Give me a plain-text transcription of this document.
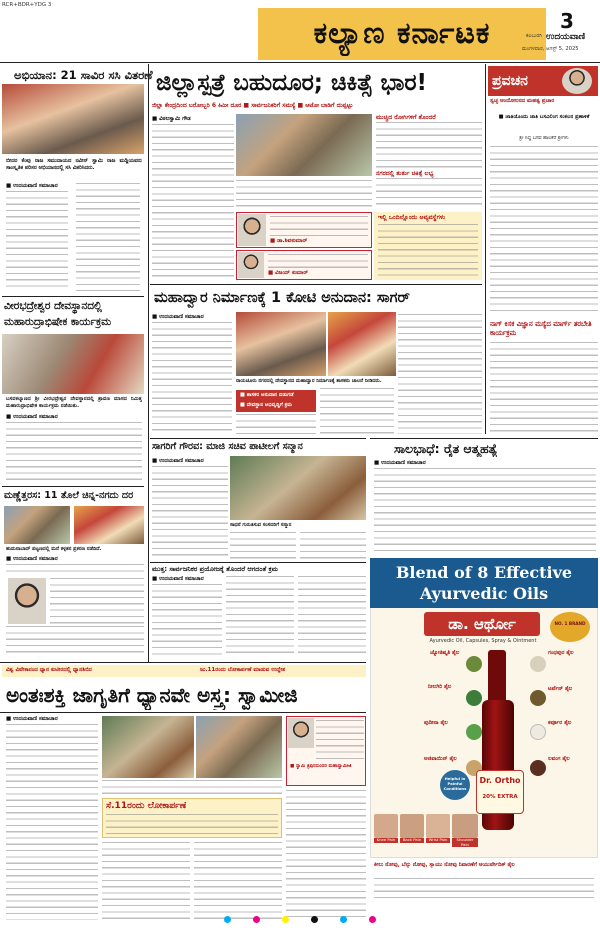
RCR+BDR+YDG 3
ಕಲ್ಯಾಣ ಕರ್ನಾಟಕ	3
ಕಲಬುರಗಿ ಉದಯವಾಣಿ
ಮಂಗಳವಾರ, ಆಗಸ್ಟ್ 5, 2025
ಅಭಿಯಾನ: 21 ಸಾವಿರ ಸಸಿ ವಿತರಣೆ
ಬೀದರ ಕೆಂಪು ರಾಜ ಸಮುದಾಯದ ನವೀನ್ ಸ್ವಾಮಿ ರಾಜ ಮಡ್ಡಿಯವರು ಸಾಂಸ್ಕೃತಿಕ ಪರಿಸರ ಅಭಿಯಾನದಲ್ಲಿ ಸಸಿ ವಿತರಿಸಿದರು.
■ ಉದಯವಾಣಿ ಸಮಾಚಾರ
ವೀರಭದ್ರೇಶ್ವರ ದೇವಸ್ಥಾನದಲ್ಲಿ ಮಹಾರುದ್ರಾಭಿಷೇಕ ಕಾರ್ಯಕ್ರಮ
ಬಸವಕಲ್ಯಾಣದ ಶ್ರೀ ವೀರಭದ್ರೇಶ್ವರ ದೇವಸ್ಥಾನದಲ್ಲಿ ಶ್ರಾವಣ ಮಾಸದ ನಿಮಿತ್ತ ಮಹಾರುದ್ರಾಭಿಷೇಕ ಕಾರ್ಯಕ್ರಮ ನಡೆಯಿತು.
■ ಉದಯವಾಣಿ ಸಮಾಚಾರ
ಮಣ್ಣೆತ್ತರಸ: 11 ತೊಲೆ ಚಿನ್ನ-ನಗದು ದರ
ಹುಮನಾಬಾದ್ ಪಟ್ಟಣದಲ್ಲಿ ಮನೆ ಕಳ್ಳತನ ಪ್ರಕರಣ ನಡೆದಿದೆ.
■ ಉದಯವಾಣಿ ಸಮಾಚಾರ
ಜಿಲ್ಲಾಸ್ಪತ್ರೆ ಬಹುದೂರ; ಚಿಕಿತ್ಸೆ ಭಾರ!
ಜಿಲ್ಲಾ ಕೇಂದ್ರದಿಂದ ಬರೋಬ್ಬರಿ 6 ಕಿಮೀ ದೂರ ■ ಸಾರ್ವಜನಿಕರಿಗೆ ಸಮಸ್ಯೆ ■ ಆಟೋ ಬಾಡಿಗೆ ದುಪ್ಪಟ್ಟು
■ ವಿಠಲಸ್ವಾಮಿ ಗೌಡ
■ ಡಾ.ಶಿವಕುಮಾರ್
■ ವಿಜಯ್ ಕುಮಾರ್
ಮುಚ್ಚಿದ ರೋಗಿಗಳಿಗೆ ತೊಂದರೆ
ನಗರದಲ್ಲಿ ತುರ್ತು ಚಿಕಿತ್ಸೆ ಲಭ್ಯ
ಇಲ್ಲಿ ಒಂದಿಲ್ಲೊಂದು ಅವ್ಯವಸ್ಥೆಗಳು
ಮಹಾದ್ವಾರ ನಿರ್ಮಾಣಕ್ಕೆ 1 ಕೋಟಿ ಅನುದಾನ: ಸಾಗರ್
■ ಉದಯವಾಣಿ ಸಮಾಚಾರ
ರಾಯಚೂರು ನಗರದಲ್ಲಿ ದೇವಸ್ಥಾನದ ಮಹಾದ್ವಾರ ನಿರ್ಮಾಣಕ್ಕೆ ಶಾಸಕರು ಚಾಲನೆ ನೀಡಿದರು.
■ ಶಾಸಕರ ಅನುದಾನ ಬಿಡುಗಡೆ
■ ದೇವಸ್ಥಾನ ಅಭಿವೃದ್ಧಿಗೆ ಕ್ರಮ
ಸಾಗರಿಗೆ ಗೌರವ: ಮಾಜಿ ಸಚಿವ ಪಾಟೀಲಗೆ ಸನ್ಮಾನ
■ ಉದಯವಾಣಿ ಸಮಾಚಾರ
ಸಾಧನೆ ಗುರುತಿಸುವ ಸಂಸದರಿಗೆ ಸನ್ಮಾನ
ಮುತ್ತ: ಸಾರ್ವಜನಿಕರ ಪ್ರಯೋಜಕ್ಕೆ ತೊಂದರೆ ಆಗದಂತೆ ಕ್ರಮ
■ ಉದಯವಾಣಿ ಸಮಾಚಾರ
ಸಾಲಭಾಧೆ: ರೈತ ಆತ್ಮಹತ್ಯೆ
■ ಉದಯವಾಣಿ ಸಮಾಚಾರ
ಪ್ರವಚನ
ಸ್ವಚ್ಛ ಆಂದೋಲನದ ಮಹತ್ವ ಪ್ರಚಾರ
■ ಜಾತಿಯೊಂದು ಜಾತಿ ಬಸವಿಲಿಂಗ ಸಂಕಲನ ಪ್ರಣಾಳಿಕೆ
ಶ್ರೀ ಸಿದ್ಧ ಬಸವ ಹಾಲಕೆರೆ ಶ್ರೀಗಳು
ನಾಗ್ ಕಿಸಕ ವಿಜ್ಞಾನ ಮಸ್ಯೆದ ಮಾರ್ಗ್ ತರಬೇತಿ ಕಾರ್ಯಕ್ರಮ
Blend of 8 Effective Ayurvedic Oils
ಡಾ. ಆರ್ಥೋ	NO. 1 BRAND
Ayurvedic Oil, Capsules, Spray & Ointment
ಜ್ಯೋತಿಷ್ಮತಿ ತೈಲ
ನೀಲಗಿರಿ ತೈಲ
ಪುದೀನಾ ತೈಲ
ಅಜಿವಾಯಿನ್ ತೈಲ
ಗಂಧಪುರ ತೈಲ
ಟರ್ಪೆನ್ ತೈಲ
ಕರ್ಪೂರ ತೈಲ
ಲವಂಗ ತೈಲ
Dr. Ortho
20% EXTRA
Helpful in Painful Conditions
Knee Pain	Back Pain	Wrist Pain	Shoulder Pain
ಕೀಲು ನೋವು, ಬೆನ್ನು ನೋವು, ಸ್ನಾಯು ನೋವು ನಿವಾರಣೆಗೆ ಆಯುರ್ವೇದಿಕ್ ತೈಲ
ವಿಶ್ವ ವಿವೇಕಾನಂದ ಧ್ಯಾನ ಕುಟೀರದಲ್ಲಿ ಧ್ಯಾನಶಿಬಿರ	ಜು.11ರಂದು ಲೋಕಾರ್ಪಣೆ ಮಾಡುವ ಉದ್ದೇಶ
ಅಂತಃಶಕ್ತಿ ಜಾಗೃತಿಗೆ ಧ್ಯಾನವೇ ಅಸ್ತ್ರ: ಸ್ವಾಮೀಜಿ
■ ಉದಯವಾಣಿ ಸಮಾಚಾರ
ಸೆ.11ರಂದು ಲೋಕಾರ್ಪಣೆ
■ ಸ್ವಾಮಿ ತ್ರಿಪುರಸುಂದರ ಮಹಾಸ್ವಾಮೀಜಿ
